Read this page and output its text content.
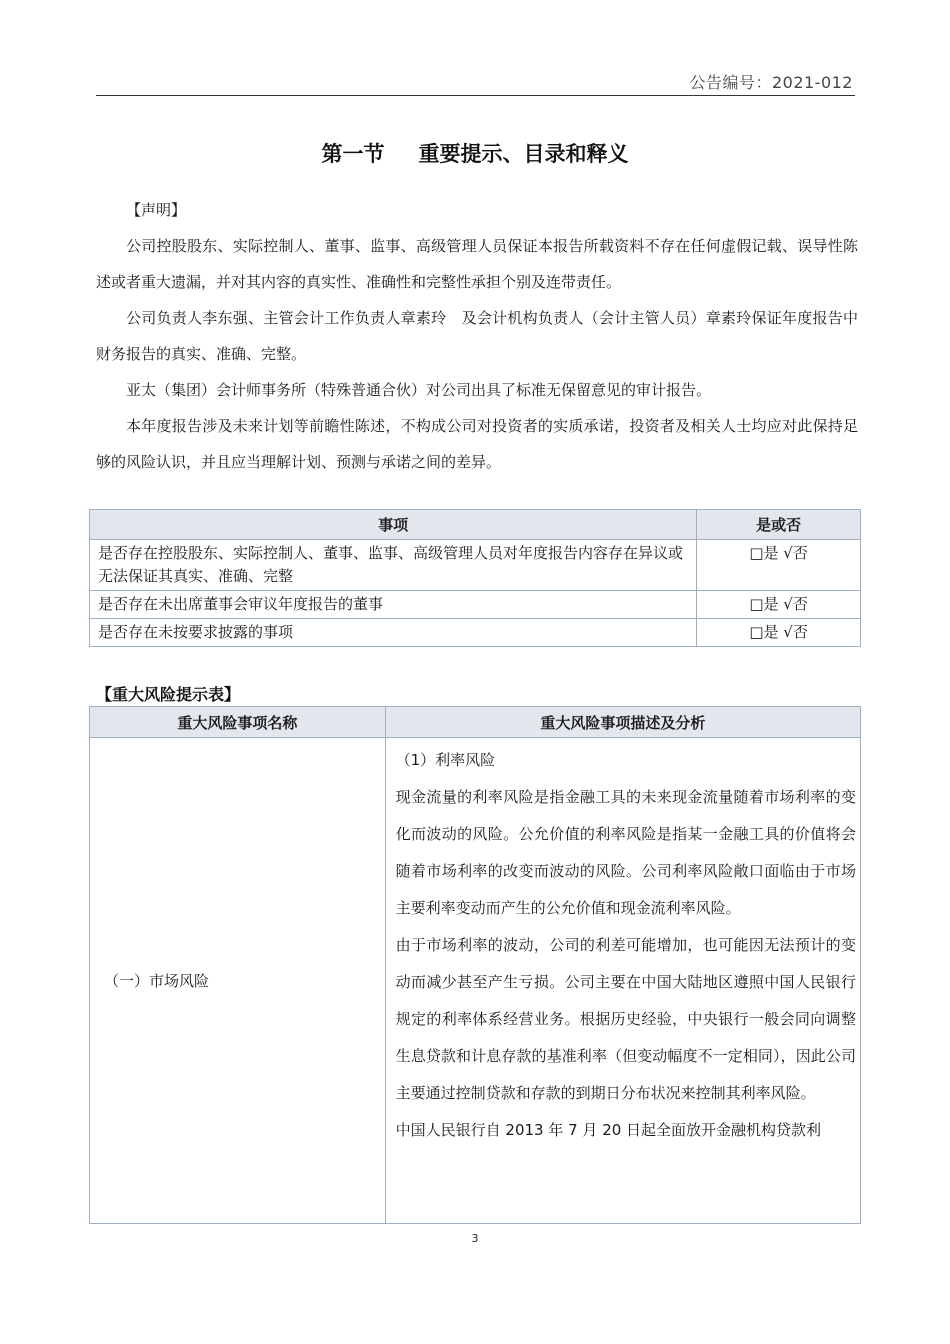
公告编号：2021-012
第一节 重要提示、目录和释义

【声明】

公司控股股东、实际控制人、董事、监事、高级管理人员保证本报告所载资料不存在任何虚假记载、误导性陈述或者重大遗漏，并对其内容的真实性、准确性和完整性承担个别及连带责任。

公司负责人李东强、主管会计工作负责人章素玲　及会计机构负责人（会计主管人员）章素玲保证年度报告中财务报告的真实、准确、完整。

亚太（集团）会计师事务所（特殊普通合伙）对公司出具了标准无保留意见的审计报告。

本年度报告涉及未来计划等前瞻性陈述，不构成公司对投资者的实质承诺，投资者及相关人士均应对此保持足够的风险认识，并且应当理解计划、预测与承诺之间的差异。

事项	是或否
是否存在控股股东、实际控制人、董事、监事、高级管理人员对年度报告内容存在异议或无法保证其真实、准确、完整	□是 √否
是否存在未出席董事会审议年度报告的董事	□是 √否
是否存在未按要求披露的事项	□是 √否
【重大风险提示表】
重大风险事项名称	重大风险事项描述及分析
（一）市场风险	（1）利率风险

现金流量的利率风险是指金融工具的未来现金流量随着市场利率的变化而波动的风险。公允价值的利率风险是指某一金融工具的价值将会随着市场利率的改变而波动的风险。公司利率风险敞口面临由于市场主要利率变动而产生的公允价值和现金流利率风险。

由于市场利率的波动，公司的利差可能增加，也可能因无法预计的变动而减少甚至产生亏损。公司主要在中国大陆地区遵照中国人民银行规定的利率体系经营业务。根据历史经验，中央银行一般会同向调整生息贷款和计息存款的基准利率（但变动幅度不一定相同），因此公司主要通过控制贷款和存款的到期日分布状况来控制其利率风险。

中国人民银行自 2013 年 7 月 20 日起全面放开金融机构贷款利

3
